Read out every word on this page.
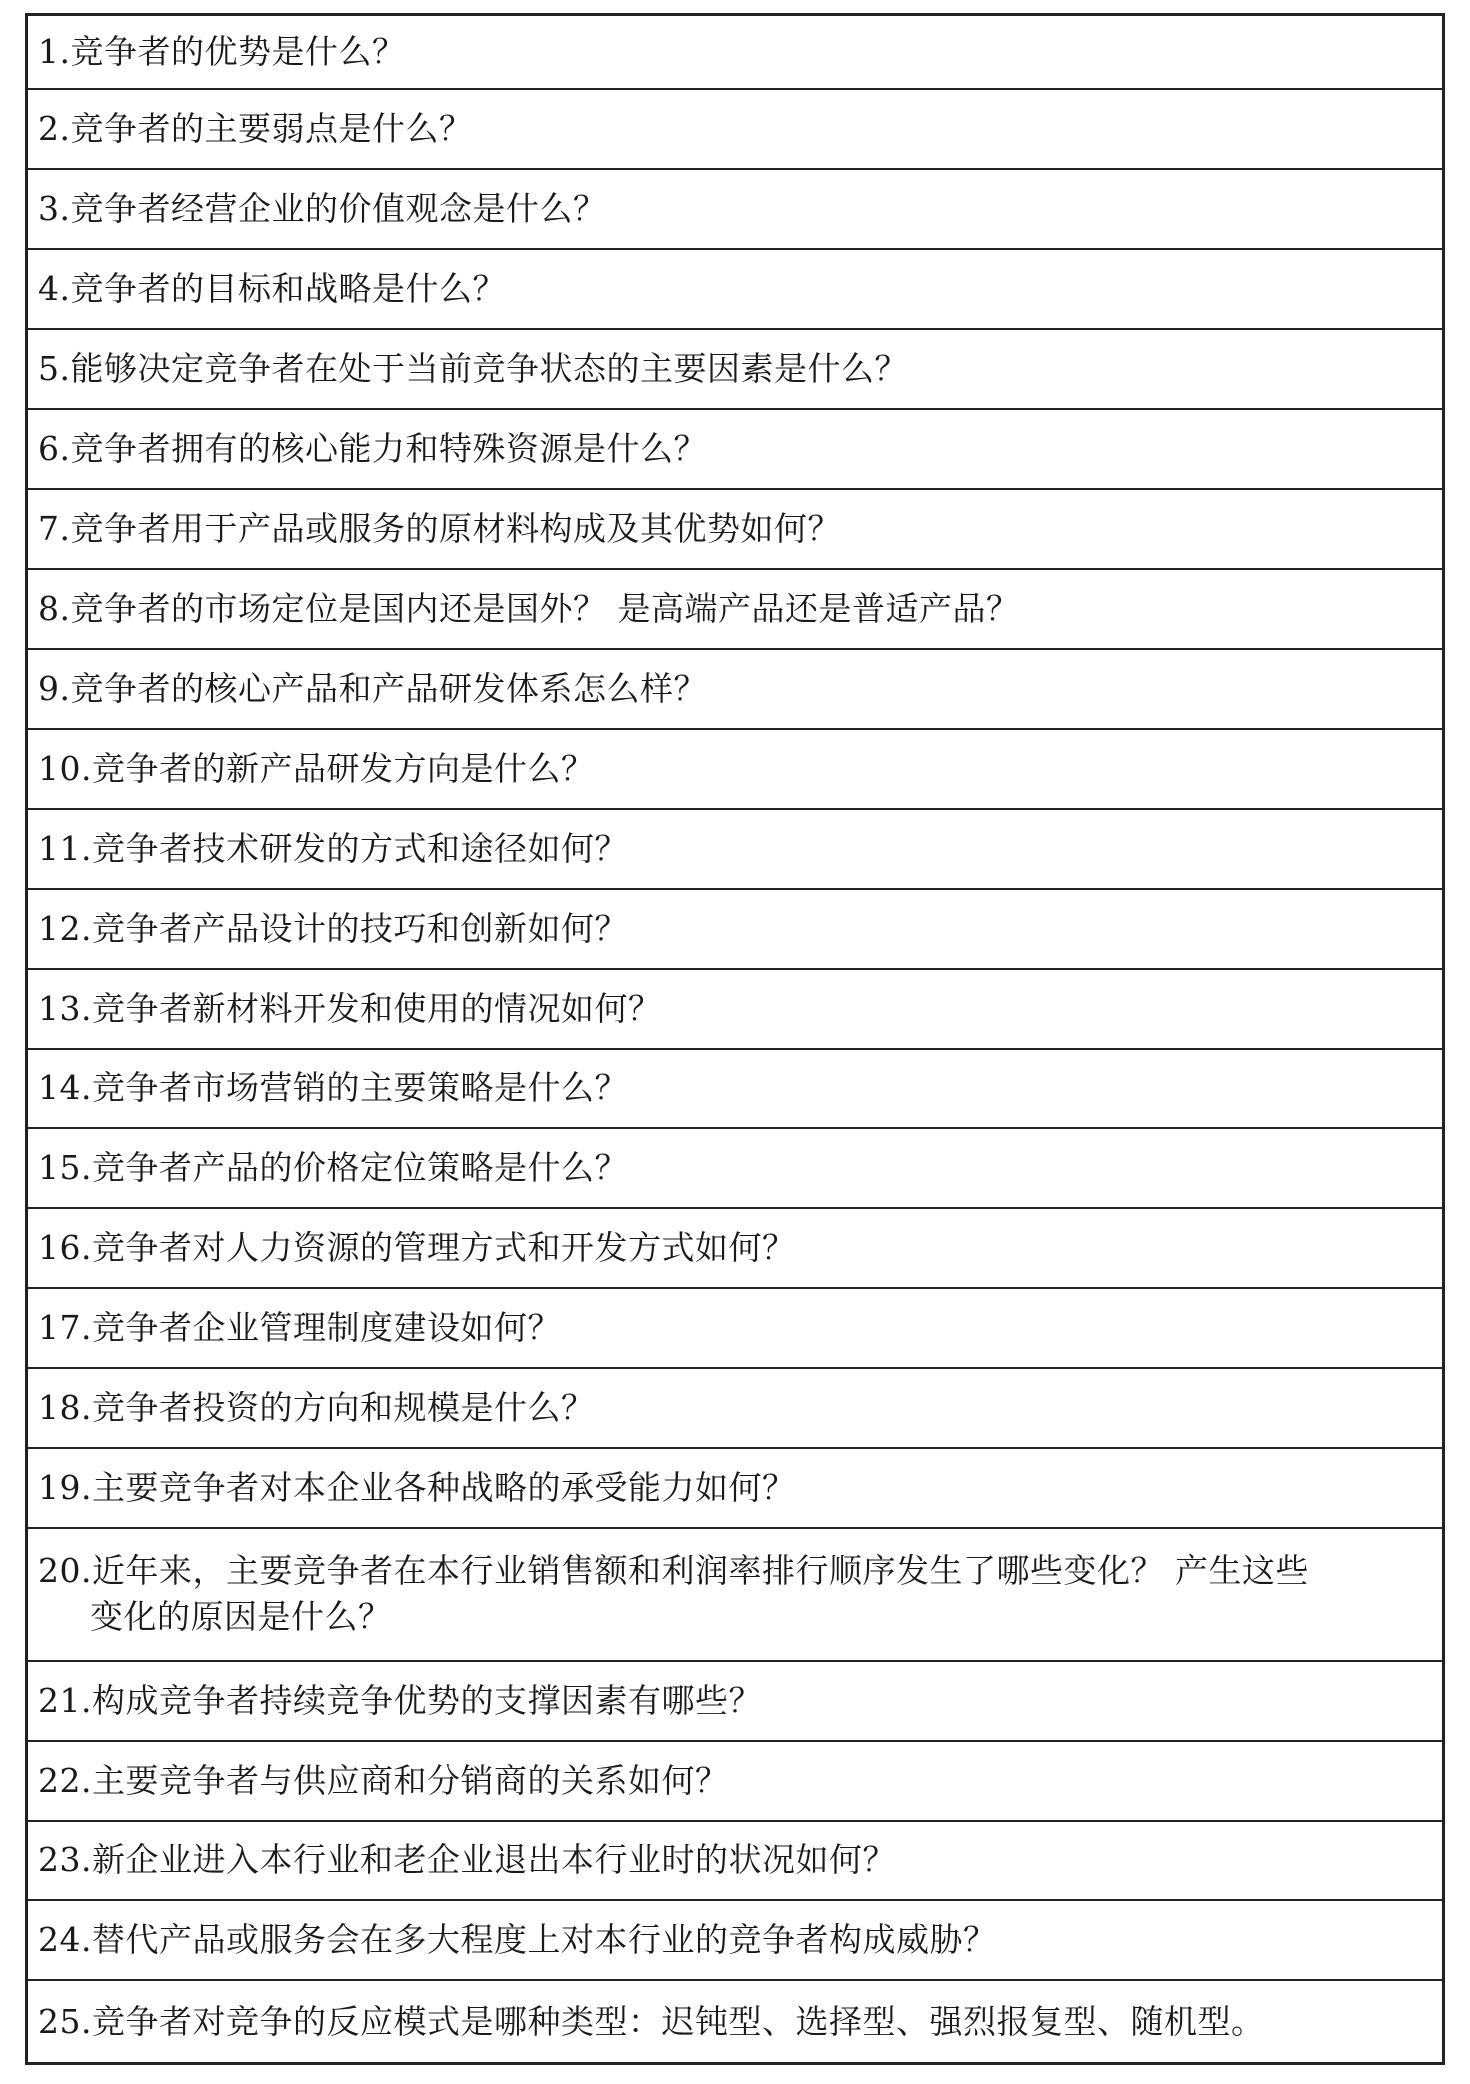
1.竞争者的优势是什么？
2.竞争者的主要弱点是什么？
3.竞争者经营企业的价值观念是什么？
4.竞争者的目标和战略是什么？
5.能够决定竞争者在处于当前竞争状态的主要因素是什么？
6.竞争者拥有的核心能力和特殊资源是什么？
7.竞争者用于产品或服务的原材料构成及其优势如何？
8.竞争者的市场定位是国内还是国外？ 是高端产品还是普适产品？
9.竞争者的核心产品和产品研发体系怎么样？
10.竞争者的新产品研发方向是什么？
11.竞争者技术研发的方式和途径如何？
12.竞争者产品设计的技巧和创新如何？
13.竞争者新材料开发和使用的情况如何？
14.竞争者市场营销的主要策略是什么？
15.竞争者产品的价格定位策略是什么？
16.竞争者对人力资源的管理方式和开发方式如何？
17.竞争者企业管理制度建设如何？
18.竞争者投资的方向和规模是什么？
19.主要竞争者对本企业各种战略的承受能力如何？
20.近年来，主要竞争者在本行业销售额和利润率排行顺序发生了哪些变化？ 产生这些
变化的原因是什么？
21.构成竞争者持续竞争优势的支撑因素有哪些？
22.主要竞争者与供应商和分销商的关系如何？
23.新企业进入本行业和老企业退出本行业时的状况如何？
24.替代产品或服务会在多大程度上对本行业的竞争者构成威胁？
25.竞争者对竞争的反应模式是哪种类型：迟钝型、选择型、强烈报复型、随机型。
